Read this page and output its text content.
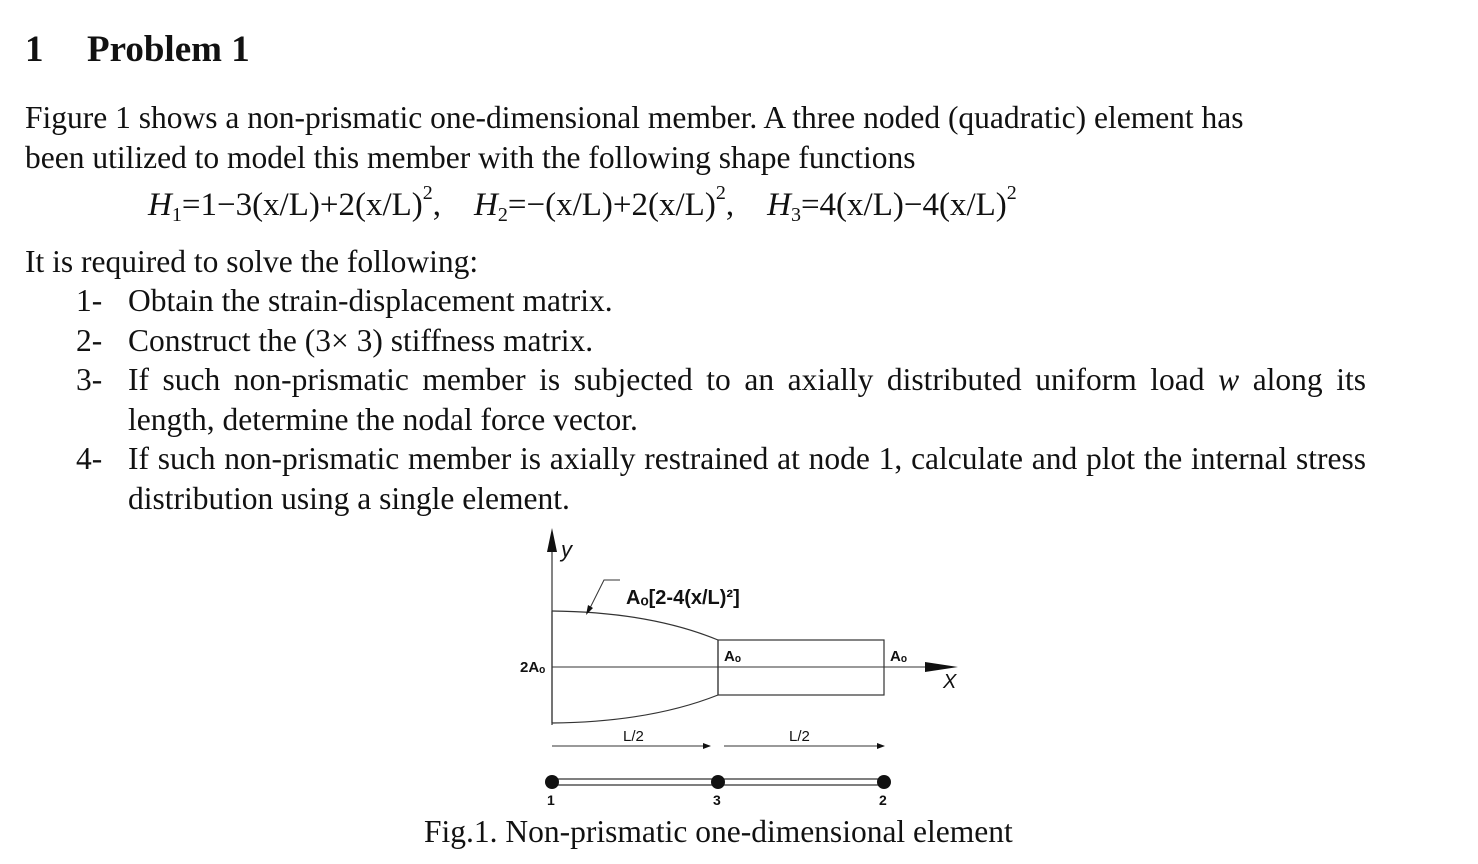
1 Problem 1
Figure 1 shows a non-prismatic one-dimensional member. A three noded (quadratic) element has
been utilized to model this member with the following shape functions
$H_1=1-3(x/L)+2(x/L)^2$,    $H_2=-(x/L)+2(x/L)^2$,    $H_3=4(x/L)-4(x/L)^2$
It is required to solve the following:
1- Obtain the strain-displacement matrix.
2- Construct the (3× 3) stiffness matrix.
3- If such non-prismatic member is subjected to an axially distributed uniform load w along its length, determine the nodal force vector.
4- If such non-prismatic member is axially restrained at node 1, calculate and plot the internal stress distribution using a single element.
y
X
Aₒ[2-4(x/L)²]
2Aₒ
Aₒ	Aₒ
L/2	L/2
1	3	2
Fig.1. Non-prismatic one-dimensional element
